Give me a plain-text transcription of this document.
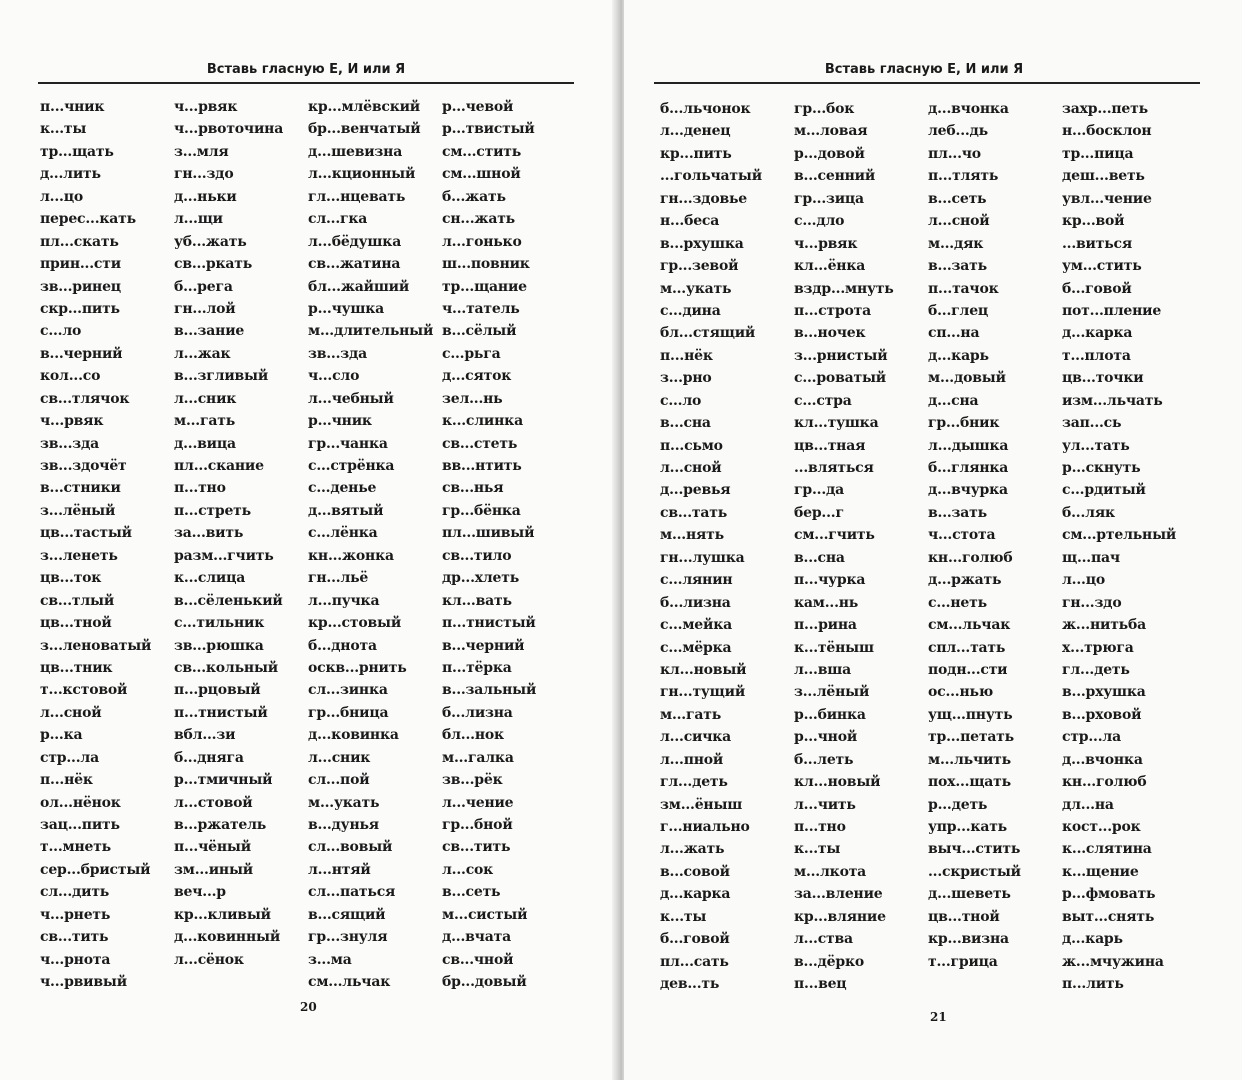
Вставь гласную Е, И или Я
п...чник
к...ты
тр...щать
д...лить
л...цо
перес...кать
пл...скать
прин...сти
зв...ринец
скр...пить
с...ло
в...черний
кол...со
св...тлячок
ч...рвяк
зв...зда
зв...здочёт
в...стники
з...лёный
цв...тастый
з...ленеть
цв...ток
св...тлый
цв...тной
з...леноватый
цв...тник
т...кстовой
л...сной
р...ка
стр...ла
п...нёк
ол...нёнок
зац...пить
т...мнеть
сер...бристый
сл...дить
ч...рнеть
св...тить
ч...рнота
ч...рвивый
ч...рвяк
ч...рвоточина
з...мля
гн...здо
д...ньки
л...щи
уб...жать
св...ркать
б...рега
гн...лой
в...зание
л...жак
в...згливый
л...сник
м...гать
д...вица
пл...скание
п...тно
п...стреть
за...вить
разм...гчить
к...слица
в...сёленький
с...тильник
зв...рюшка
св...кольный
п...рцовый
п...тнистый
вбл...зи
б...дняга
р...тмичный
л...стовой
в...ржатель
п...чёный
зм...иный
веч...р
кр...кливый
д...ковинный
л...сёнок
кр...млёвский
бр...венчатый
д...шевизна
л...кционный
гл...нцевать
сл...гка
л...бёдушка
св...жатина
бл...жайший
р...чушка
м...длительный
зв...зда
ч...сло
л...чебный
р...чник
гр...чанка
с...стрёнка
с...деньe
д...вятый
с...лёнка
кн...жонка
гн...льё
л...пучка
кр...стовый
б...днота
оскв...рнить
сл...зинка
гр...бница
д...ковинка
л...сник
сл...пой
м...укать
в...дунья
сл...вовый
л...нтяй
сл...паться
в...сящий
гр...знуля
з...ма
см...льчак
р...чевой
р...твистый
см...стить
см...шной
б...жать
сн...жать
л...гонько
ш...повник
тр...щание
ч...татель
в...сёлый
с...рьга
д...сяток
зел...нь
к...слинка
св...стеть
вв...нтить
св...нья
гр...бёнка
пл...шивый
св...тило
др...хлеть
кл...вать
п...тнистый
в...черний
п...тёрка
в...зальный
б...лизна
бл...нок
м...галка
зв...рёк
л...чение
гр...бной
св...тить
л...сок
в...сеть
м...систый
д...вчата
св...чной
бр...довый
20
Вставь гласную Е, И или Я
б...льчонок
л...денец
кр...пить
...гольчатый
гн...здовье
н...беса
в...рхушка
гр...зевой
м...укать
с...дина
бл...стящий
п...нёк
з...рно
с...ло
в...сна
п...сьмо
л...сной
д...ревья
св...тать
м...нять
гн...лушка
с...лянин
б...лизна
с...мейка
с...мёрка
кл...новый
гн...тущий
м...гать
л...сичка
л...пной
гл...деть
зм...ёныш
г...ниально
л...жать
в...совой
д...карка
к...ты
б...говой
пл...сать
дев...ть
гр...бок
м...ловая
р...довой
в...сенний
гр...зица
с...дло
ч...рвяк
кл...ёнка
вздр...мнуть
п...строта
в...ночек
з...рнистый
с...роватый
с...стра
кл...тушка
цв...тная
...вляться
гр...да
бер...г
см...гчить
в...сна
п...чурка
кам...нь
п...рина
к...тёныш
л...вша
з...лёный
р...бинка
р...чной
б...леть
кл...новый
л...чить
п...тно
к...ты
м...лкота
за...вление
кр...вляние
л...ства
в...дёрко
п...вец
д...вчонка
леб...дь
пл...чо
п...тлять
в...сеть
л...сной
м...дяк
в...зать
п...тачок
б...глец
сп...на
д...карь
м...довый
д...сна
гр...бник
л...дышка
б...глянка
д...вчурка
в...зать
ч...стота
кн...голюб
д...ржать
с...нeть
см...льчак
спл...тать
подн...сти
ос...нью
ущ...пнуть
тр...петать
м...льчить
пох...щать
р...деть
упр...кать
выч...стить
...скристый
д...шеветь
цв...тной
кр...визна
т...грица
захр...петь
н...босклон
тр...пица
деш...веть
увл...чение
кр...вой
...виться
ум...стить
б...говой
пот...пление
д...карка
т...плота
цв...точки
изм...льчать
зап...сь
ул...тать
р...скнуть
с...рдитый
б...ляк
см...ртельный
щ...пач
л...цо
гн...здо
ж...нитьба
х...трюга
гл...деть
в...рхушка
в...рховой
стр...ла
д...вчонка
кн...голюб
дл...на
кост...рок
к...слятина
к...щение
р...фмовать
выт...снять
д...карь
ж...мчужина
п...лить
21
